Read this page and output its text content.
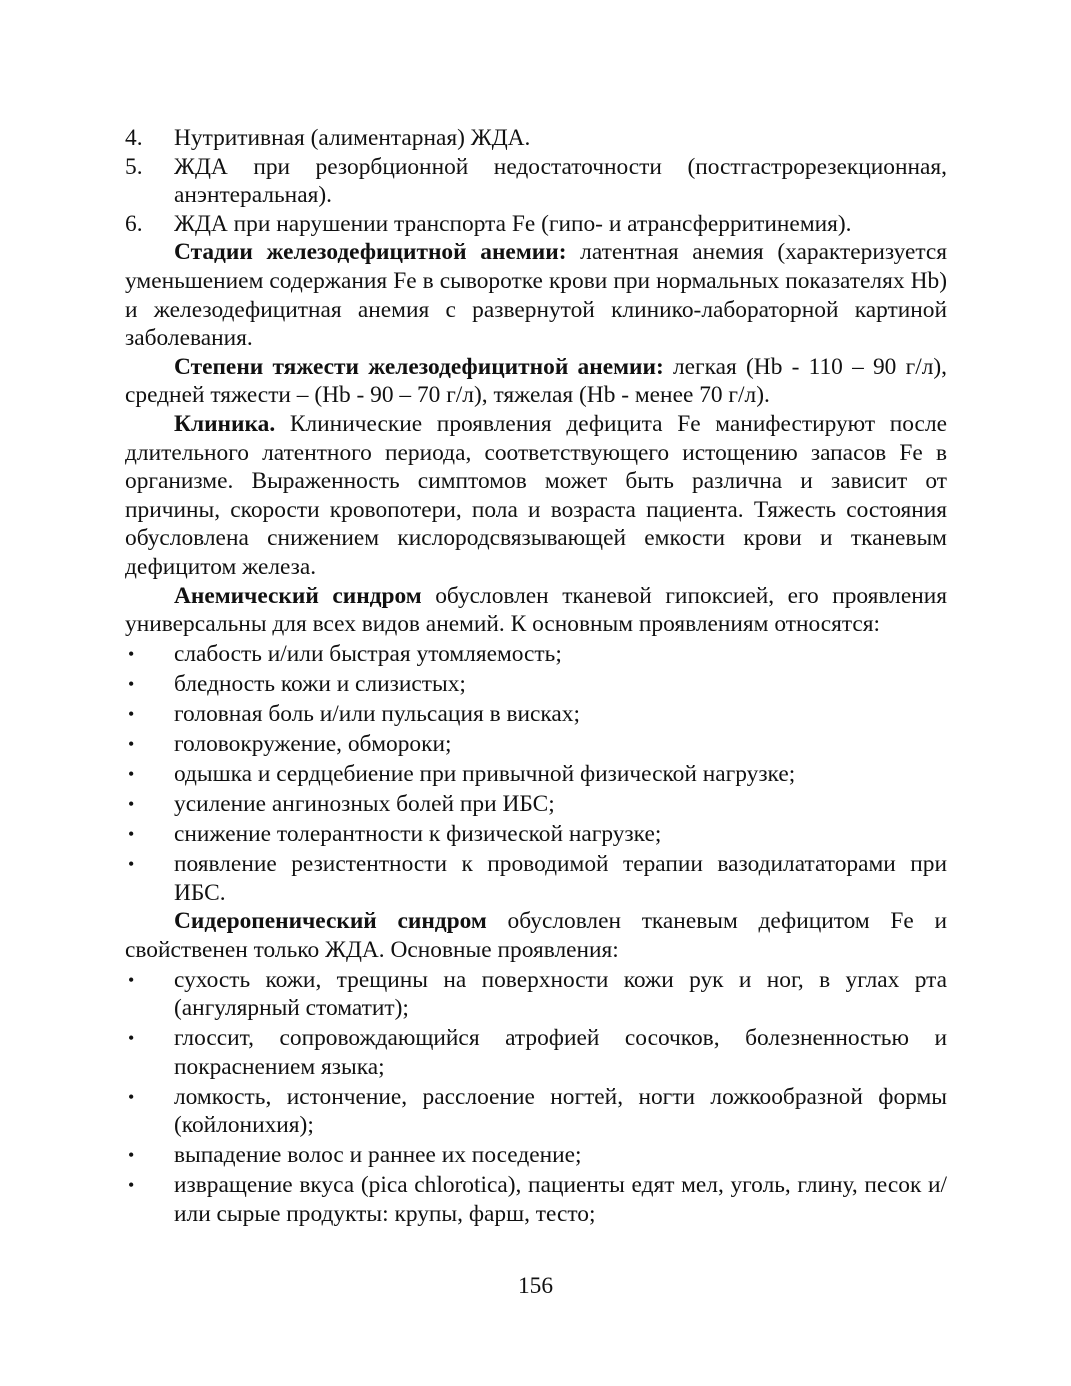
4. Нутритивная (алиментарная) ЖДА.
5. ЖДА при резорбционной недостаточности (постгастрорезекционная, анэнтеральная).
6. ЖДА при нарушении транспорта Fe (гипо- и атрансферритинемия).
Стадии железодефицитной анемии: латентная анемия (характеризуется уменьшением содержания Fe в сыворотке крови при нормальных показателях Hb) и железодефицитная анемия с развернутой клинико-лабораторной картиной заболевания.
Степени тяжести железодефицитной анемии: легкая (Hb - 110 – 90 г/л), средней тяжести – (Hb - 90 – 70 г/л), тяжелая (Hb - менее 70 г/л).
Клиника. Клинические проявления дефицита Fe манифестируют после длительного латентного периода, соответствующего истощению запасов Fe в организме. Выраженность симптомов может быть различна и зависит от причины, скорости кровопотери, пола и возраста пациента. Тяжесть состояния обусловлена снижением кислородсвязывающей емкости крови и тканевым дефицитом железа.
Анемический синдром обусловлен тканевой гипоксией, его проявления универсальны для всех видов анемий. К основным проявлениям относятся:
• слабость и/или быстрая утомляемость;
• бледность кожи и слизистых;
• головная боль и/или пульсация в висках;
• головокружение, обмороки;
• одышка и сердцебиение при привычной физической нагрузке;
• усиление ангинозных болей при ИБС;
• снижение толерантности к физической нагрузке;
• появление резистентности к проводимой терапии вазодилататорами при ИБС.
Сидеропенический синдром обусловлен тканевым дефицитом Fe и свойственен только ЖДА. Основные проявления:
• сухость кожи, трещины на поверхности кожи рук и ног, в углах рта (ангулярный стоматит);
• глоссит, сопровождающийся атрофией сосочков, болезненностью и покраснением языка;
• ломкость, истончение, расслоение ногтей, ногти ложкообразной формы (койлонихия);
• выпадение волос и раннее их поседение;
• извращение вкуса (pica chlorotica), пациенты едят мел, уголь, глину, песок и/или сырые продукты: крупы, фарш, тесто;
156
